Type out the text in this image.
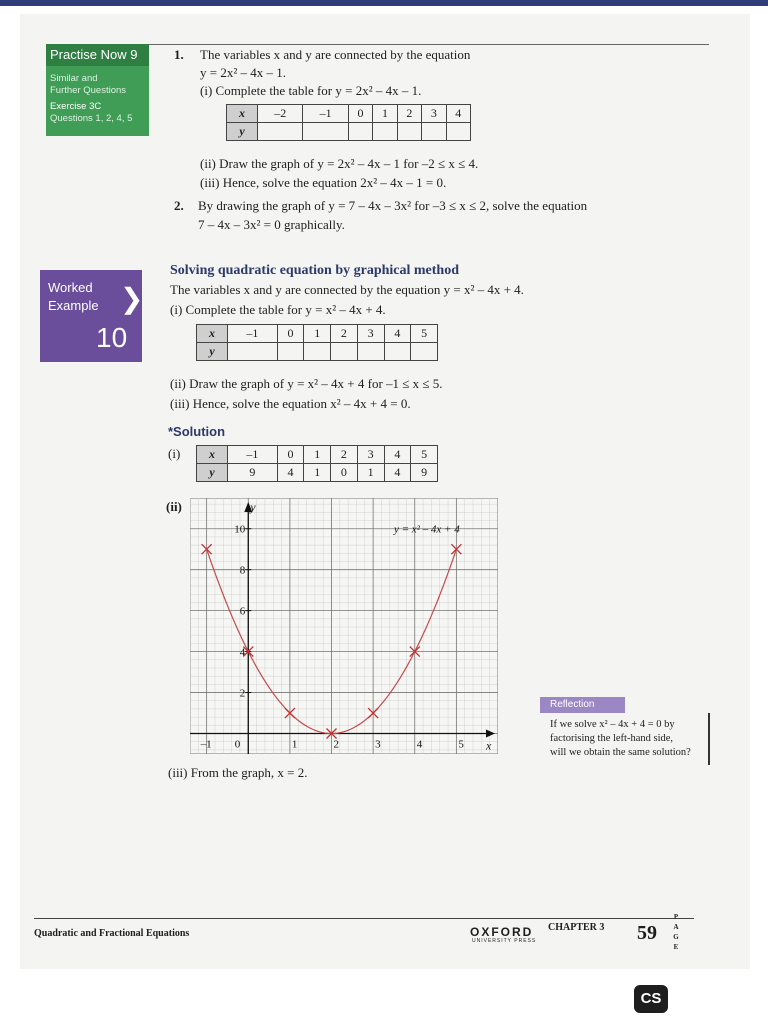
Practise Now 9
Similar and
Further Questions
Exercise 3C
Questions 1, 2, 4, 5
1. The variables x and y are connected by the equation
y = 2x² – 4x – 1.
(i) Complete the table for y = 2x² – 4x – 1.
x	–2	–1	0	1	2	3	4
y							
(ii) Draw the graph of y = 2x² – 4x – 1 for –2 ≤ x ≤ 4.
(iii) Hence, solve the equation 2x² – 4x – 1 = 0.
2. By drawing the graph of y = 7 – 4x – 3x² for –3 ≤ x ≤ 2, solve the equation
7 – 4x – 3x² = 0 graphically.
Worked
Example
10
❯
Solving quadratic equation by graphical method
The variables x and y are connected by the equation y = x² – 4x + 4.
(i) Complete the table for y = x² – 4x + 4.
x	–1	0	1	2	3	4	5
y							
(ii) Draw the graph of y = x² – 4x + 4 for –1 ≤ x ≤ 5.
(iii) Hence, solve the equation x² – 4x + 4 = 0.
*Solution
(i) x	–1	0	1	2	3	4	5
y	9	4	1	0	1	4	9
(ii)	y
x
–1 0	1	2	3	4	5
2
4
6
8
10	y = x² – 4x + 4
(iii) From the graph, x = 2.
Reflection
If we solve x² – 4x + 4 = 0 by
factorising the left-hand side,
will we obtain the same solution?
Quadratic and Fractional Equations	OXFORD
UNIVERSITY PRESS
CHAPTER 3 59
P
A
G
E
CS
